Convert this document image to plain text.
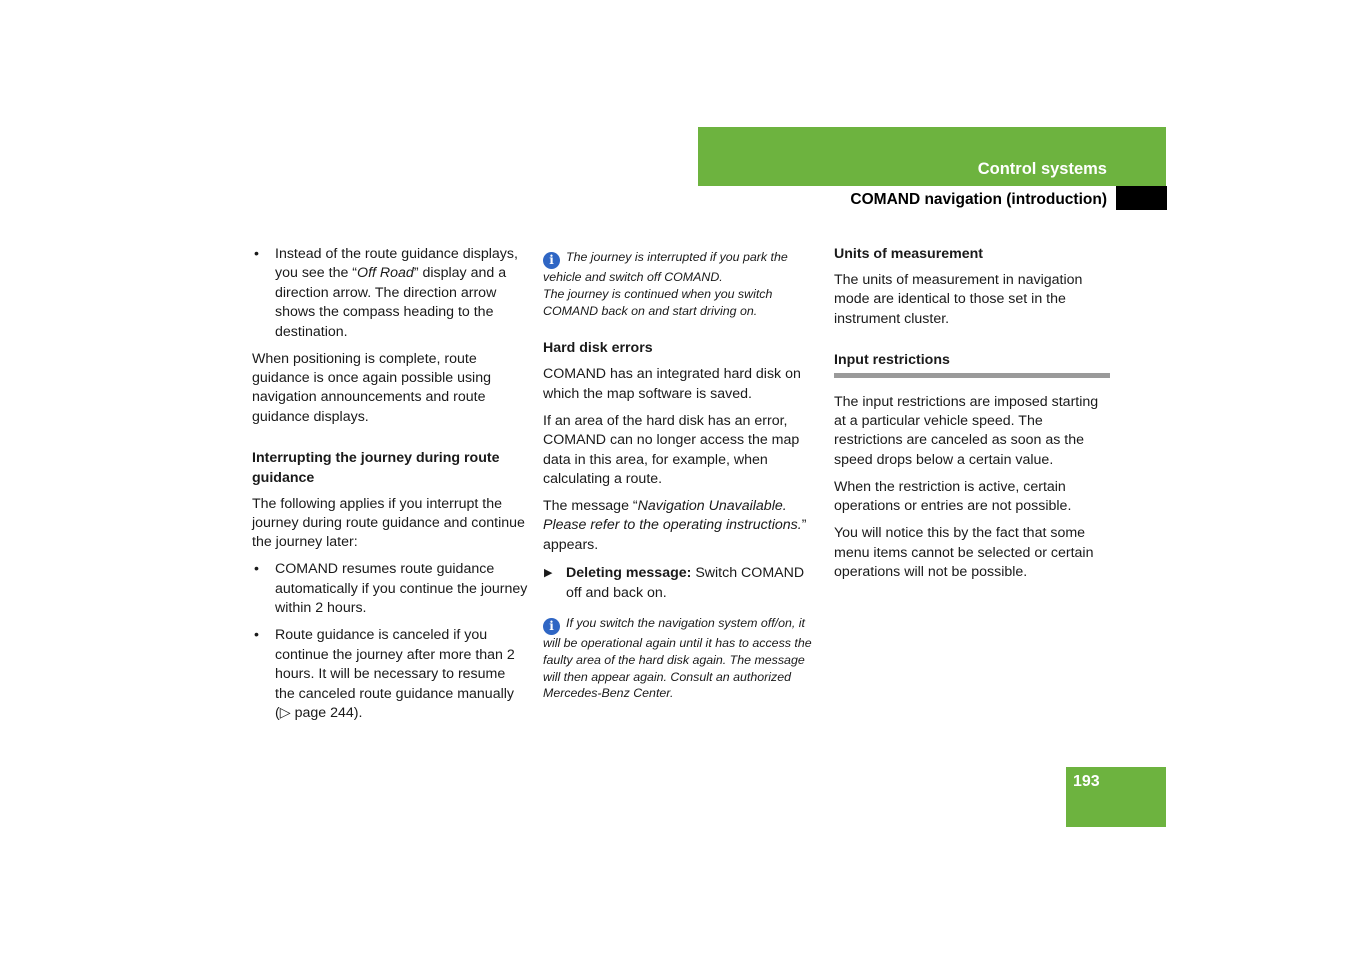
Control systems
COMAND navigation (introduction)
• Instead of the route guidance displays, you see the “Off Road” display and a direction arrow. The direction arrow shows the compass heading to the destination.

When positioning is complete, route guidance is once again possible using navigation announcements and route guidance displays.

Interrupting the journey during route guidance

The following applies if you interrupt the journey during route guidance and continue the journey later:

• COMAND resumes route guidance automatically if you continue the journey within 2 hours.
• Route guidance is canceled if you continue the journey after more than 2 hours. It will be necessary to resume the canceled route guidance manually (▷ page 244).
i The journey is interrupted if you park the vehicle and switch off COMAND.
The journey is continued when you switch COMAND back on and start driving on.
Hard disk errors

COMAND has an integrated hard disk on which the map software is saved.

If an area of the hard disk has an error, COMAND can no longer access the map data in this area, for example, when calculating a route.

The message “Navigation Unavailable. Please refer to the operating instructions.” appears.

▶ Deleting message: Switch COMAND off and back on.
i If you switch the navigation system off/on, it will be operational again until it has to access the faulty area of the hard disk again. The message will then appear again. Consult an authorized Mercedes-Benz Center.
Units of measurement

The units of measurement in navigation mode are identical to those set in the instrument cluster.

Input restrictions

The input restrictions are imposed starting at a particular vehicle speed. The restrictions are canceled as soon as the speed drops below a certain value.

When the restriction is active, certain operations or entries are not possible.

You will notice this by the fact that some menu items cannot be selected or certain operations will not be possible.

193
